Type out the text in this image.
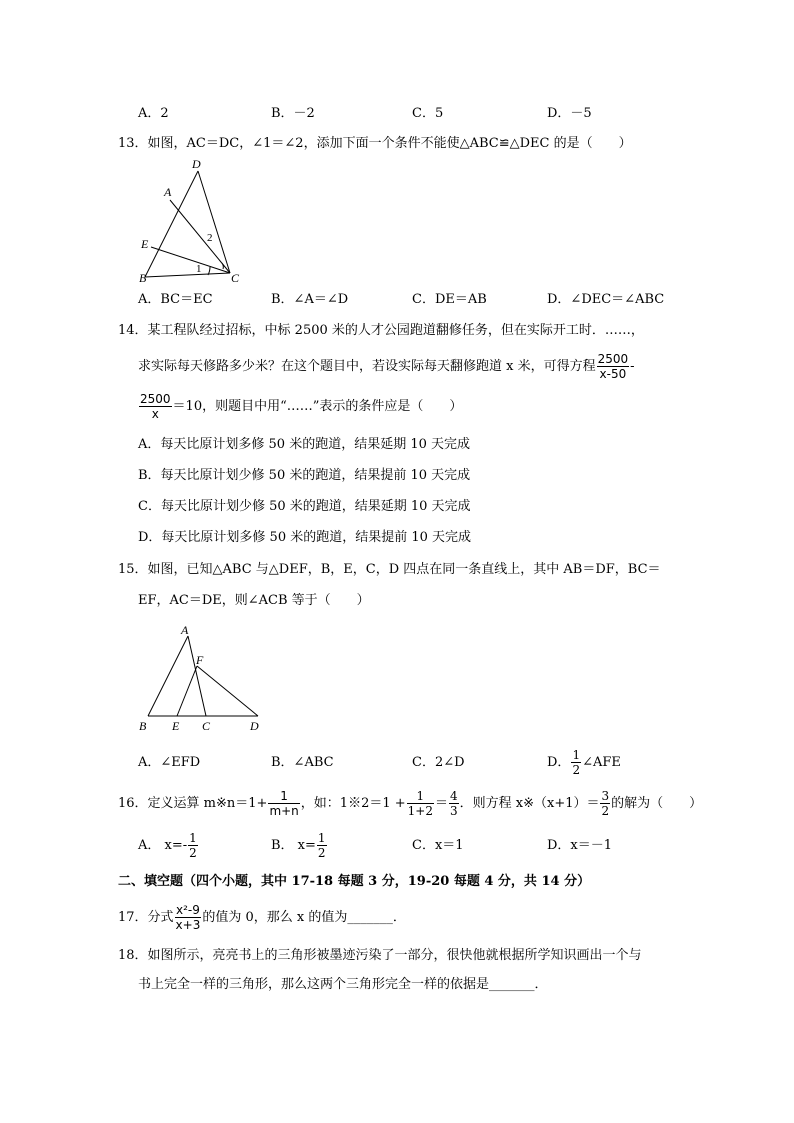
A．2	B．－2	C．5	D．－5
13．如图，AC＝DC，∠1＝∠2，添加下面一个条件不能使△ABC≌△DEC 的是（　　）
D
A
E
B	C
1
2
A．BC＝EC	B．∠A＝∠D	C．DE＝AB	D．∠DEC＝∠ABC
14．某工程队经过招标，中标 2500 米的人才公园跑道翻修任务，但在实际开工时．……，
求实际每天修路多少米？在这个题目中，若设实际每天翻修跑道 x 米，可得方程 $\frac{2500}{x-50}$ -
$\frac{2500}{x} =10$，则题目中用“……”表示的条件应是（　　）
A．每天比原计划多修 50 米的跑道，结果延期 10 天完成
B．每天比原计划少修 50 米的跑道，结果提前 10 天完成
C．每天比原计划少修 50 米的跑道，结果延期 10 天完成
D．每天比原计划多修 50 米的跑道，结果提前 10 天完成
15．如图，已知△ABC 与△DEF，B，E，C，D 四点在同一条直线上，其中 AB＝DF，BC＝
EF，AC＝DE，则∠ACB 等于（　　）
A
F
B E C	D
A．∠EFD	B．∠ABC	C．2∠D	D． $\frac{1}{2}$ ∠AFE
16．定义运算 m※n＝1+ $\frac{1}{m+n}$ ，如：1※2＝1 + $\frac{1}{1+2} = \frac{4}{3}$ ．则方程 x※（x+1）＝ $\frac{3}{2}$ 的解为（　　）
A． $x=- \frac{1}{2}$	B． $x= \frac{1}{2}$	C．x＝1	D．x＝－1
二、填空题（四个小题，其中 17-18 每题 3 分，19-20 每题 4 分，共 14 分）
17．分式 $\frac{\text{x²-9}}{x+3}$ 的值为 0，那么 x 的值为_______．
18．如图所示，亮亮书上的三角形被墨迹污染了一部分，很快他就根据所学知识画出一个与
书上完全一样的三角形，那么这两个三角形完全一样的依据是_______．
